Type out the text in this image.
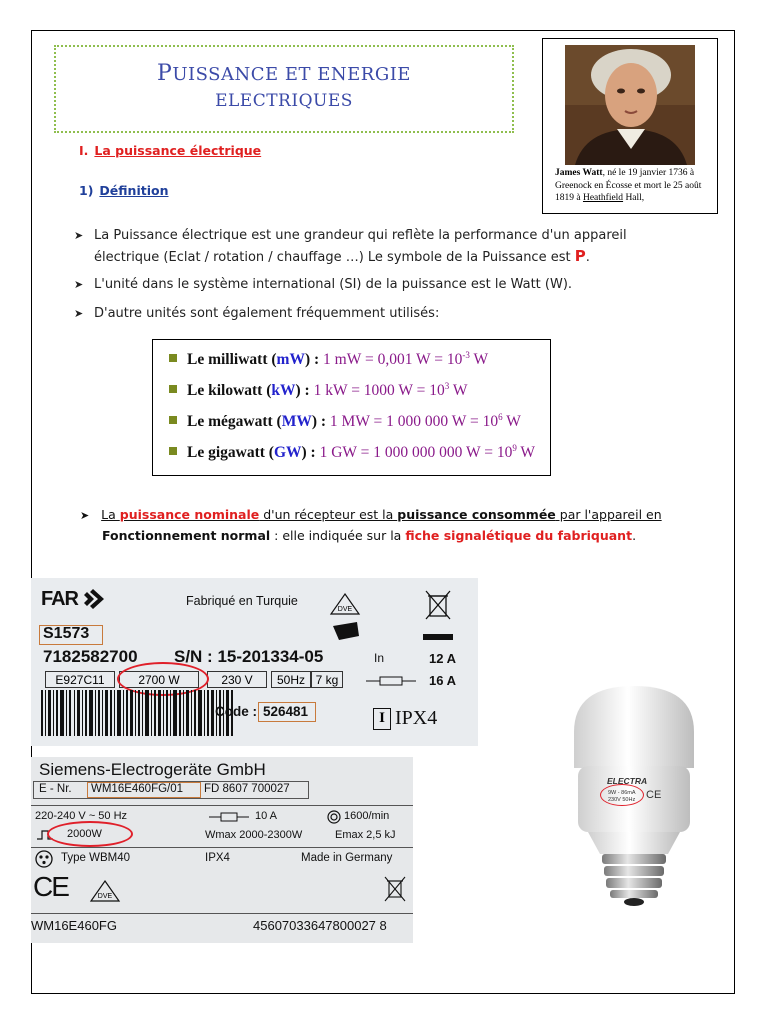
PUISSANCE ET ENERGIE
ELECTRIQUES
James Watt, né le 19 janvier 1736 à Greenock en Écosse et mort le 25 août 1819 à Heathfield Hall,
I. La puissance électrique
1) Définition
➤ La Puissance électrique est une grandeur qui reflète la performance d'un appareil
électrique (Eclat / rotation / chauffage …) Le symbole de la Puissance est P.
➤ L'unité dans le système international (SI) de la puissance est le Watt (W).
➤ D'autre unités sont également fréquemment utilisés:
Le milliwatt (mW) : 1 mW = 0,001 $W = 10^{-3}$ W
Le kilowatt (kW) : 1 kW = 1000 $W = 10^3$ W
Le mégawatt (MW) : 1 MW = 1 000 000 $W = 10^6$ W
Le gigawatt (GW) : 1 GW = 1 000 000 000 $W = 10^9$ W
➤ La puissance nominale d'un récepteur est la puissance consommée par l'appareil en
Fonctionnement normal : elle indiquée sur la fiche signalétique du fabriquant.
FAR	Fabriqué en Turquie
DVE
S1573
7182582700 S/N : 15-201334-05	In	12 A
16 A
E927C11	2700 W	230 V	50Hz 7 kg
Code : 526481	I IPX4
Siemens-Electrogeräte GmbH
E - Nr. WM16E460FG/01 FD 8607 700027
220-240 V ~ 50 Hz	10 A	1600/min
2000W	Wmax 2000-2300W	Emax 2,5 kJ
Type WBM40	IPX4	Made in Germany
CE	DVE
WM16E460FG	45607033647800027 8
ELECTRA
9W - 86mA
230V 50Hz CE
